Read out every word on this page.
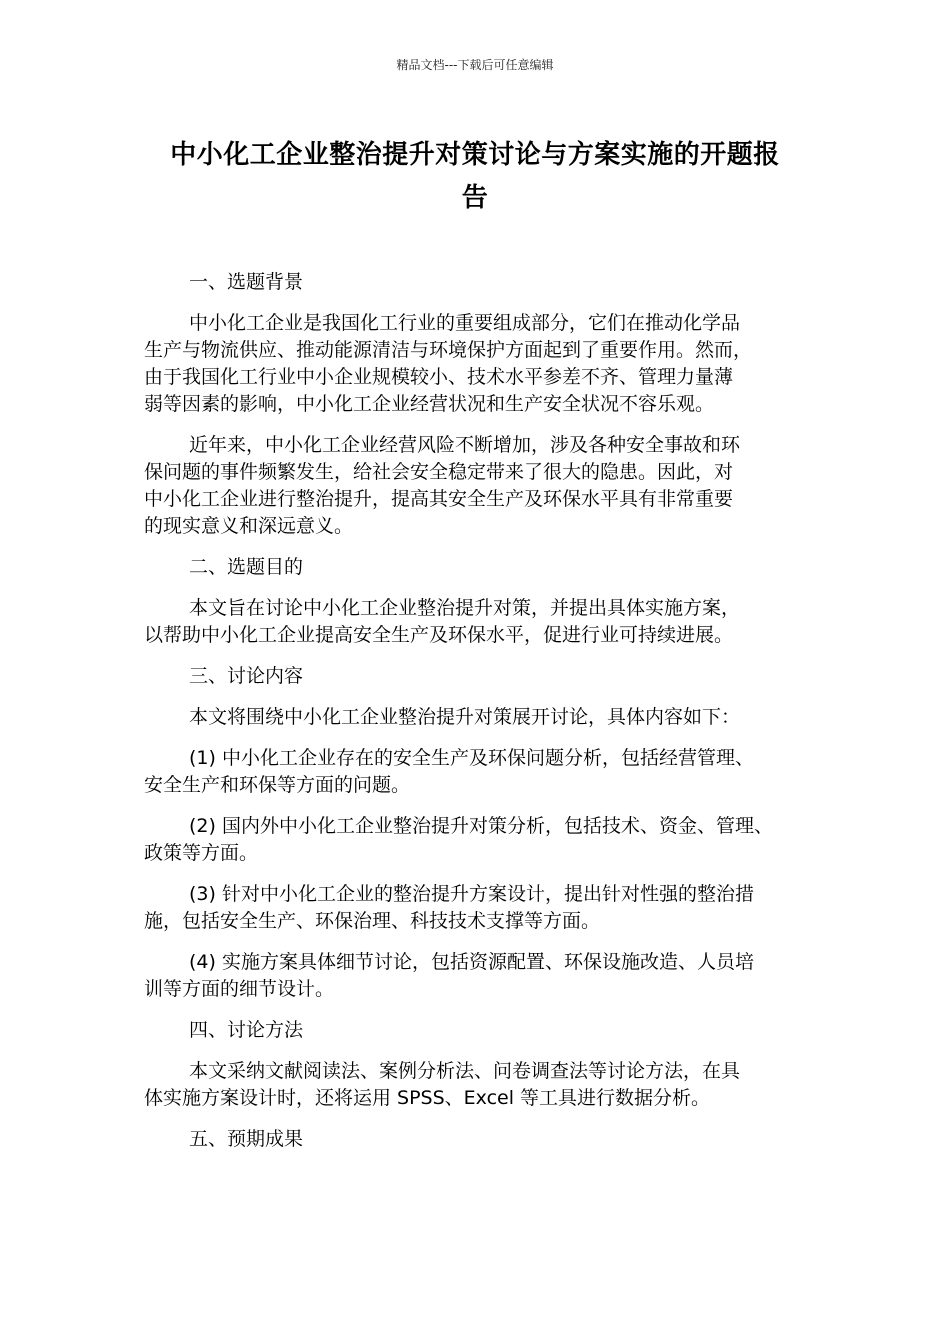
精品文档---下载后可任意编辑
中小化工企业整治提升对策讨论与方案实施的开题报
告

一、选题背景

中小化工企业是我国化工行业的重要组成部分，它们在推动化学品
生产与物流供应、推动能源清洁与环境保护方面起到了重要作用。然而，
由于我国化工行业中小企业规模较小、技术水平参差不齐、管理力量薄
弱等因素的影响，中小化工企业经营状况和生产安全状况不容乐观。

近年来，中小化工企业经营风险不断增加，涉及各种安全事故和环
保问题的事件频繁发生，给社会安全稳定带来了很大的隐患。因此，对
中小化工企业进行整治提升，提高其安全生产及环保水平具有非常重要
的现实意义和深远意义。

二、选题目的

本文旨在讨论中小化工企业整治提升对策，并提出具体实施方案，
以帮助中小化工企业提高安全生产及环保水平，促进行业可持续进展。

三、讨论内容

本文将围绕中小化工企业整治提升对策展开讨论，具体内容如下：

(1) 中小化工企业存在的安全生产及环保问题分析，包括经营管理、
安全生产和环保等方面的问题。

(2) 国内外中小化工企业整治提升对策分析，包括技术、资金、管理、
政策等方面。

(3) 针对中小化工企业的整治提升方案设计，提出针对性强的整治措
施，包括安全生产、环保治理、科技技术支撑等方面。

(4) 实施方案具体细节讨论，包括资源配置、环保设施改造、人员培
训等方面的细节设计。

四、讨论方法

本文采纳文献阅读法、案例分析法、问卷调查法等讨论方法，在具
体实施方案设计时，还将运用 SPSS、Excel 等工具进行数据分析。

五、预期成果
